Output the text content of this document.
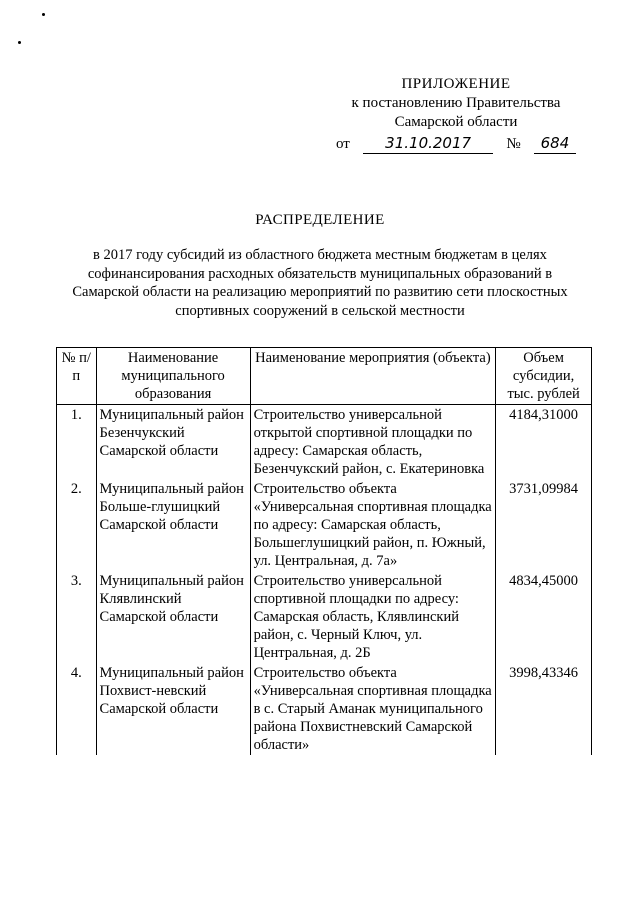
ПРИЛОЖЕНИЕ
к постановлению Правительства
Самарской области
от	31.10.2017	№	684
РАСПРЕДЕЛЕНИЕ
в 2017 году субсидий из областного бюджета местным бюджетам в целях софинансирования расходных обязательств муниципальных образований в Самарской области на реализацию мероприятий по развитию сети плоскостных спортивных сооружений в сельской местности
№ п/п	Наименование муниципального образования	Наименование мероприятия (объекта)	Объем субсидии, тыс. рублей
1.	Муниципальный район Безенчукский Самарской области	Строительство универсальной открытой спортивной площадки по адресу: Самарская область, Безенчукский район, с. Екатериновка	4184,31000
2.	Муниципальный район Больше-глушицкий Самарской области	Строительство объекта «Универсальная спортивная площадка по адресу: Самарская область, Большеглушицкий район, п. Южный, ул. Центральная, д. 7а»	3731,09984
3.	Муниципальный район Клявлинский Самарской области	Строительство универсальной спортивной площадки по адресу: Самарская область, Клявлинский район, с. Черный Ключ, ул. Центральная, д. 2Б	4834,45000
4.	Муниципальный район Похвист-невский Самарской области	Строительство объекта «Универсальная спортивная площадка в с. Старый Аманак муниципального района Похвистневский Самарской области»	3998,43346
